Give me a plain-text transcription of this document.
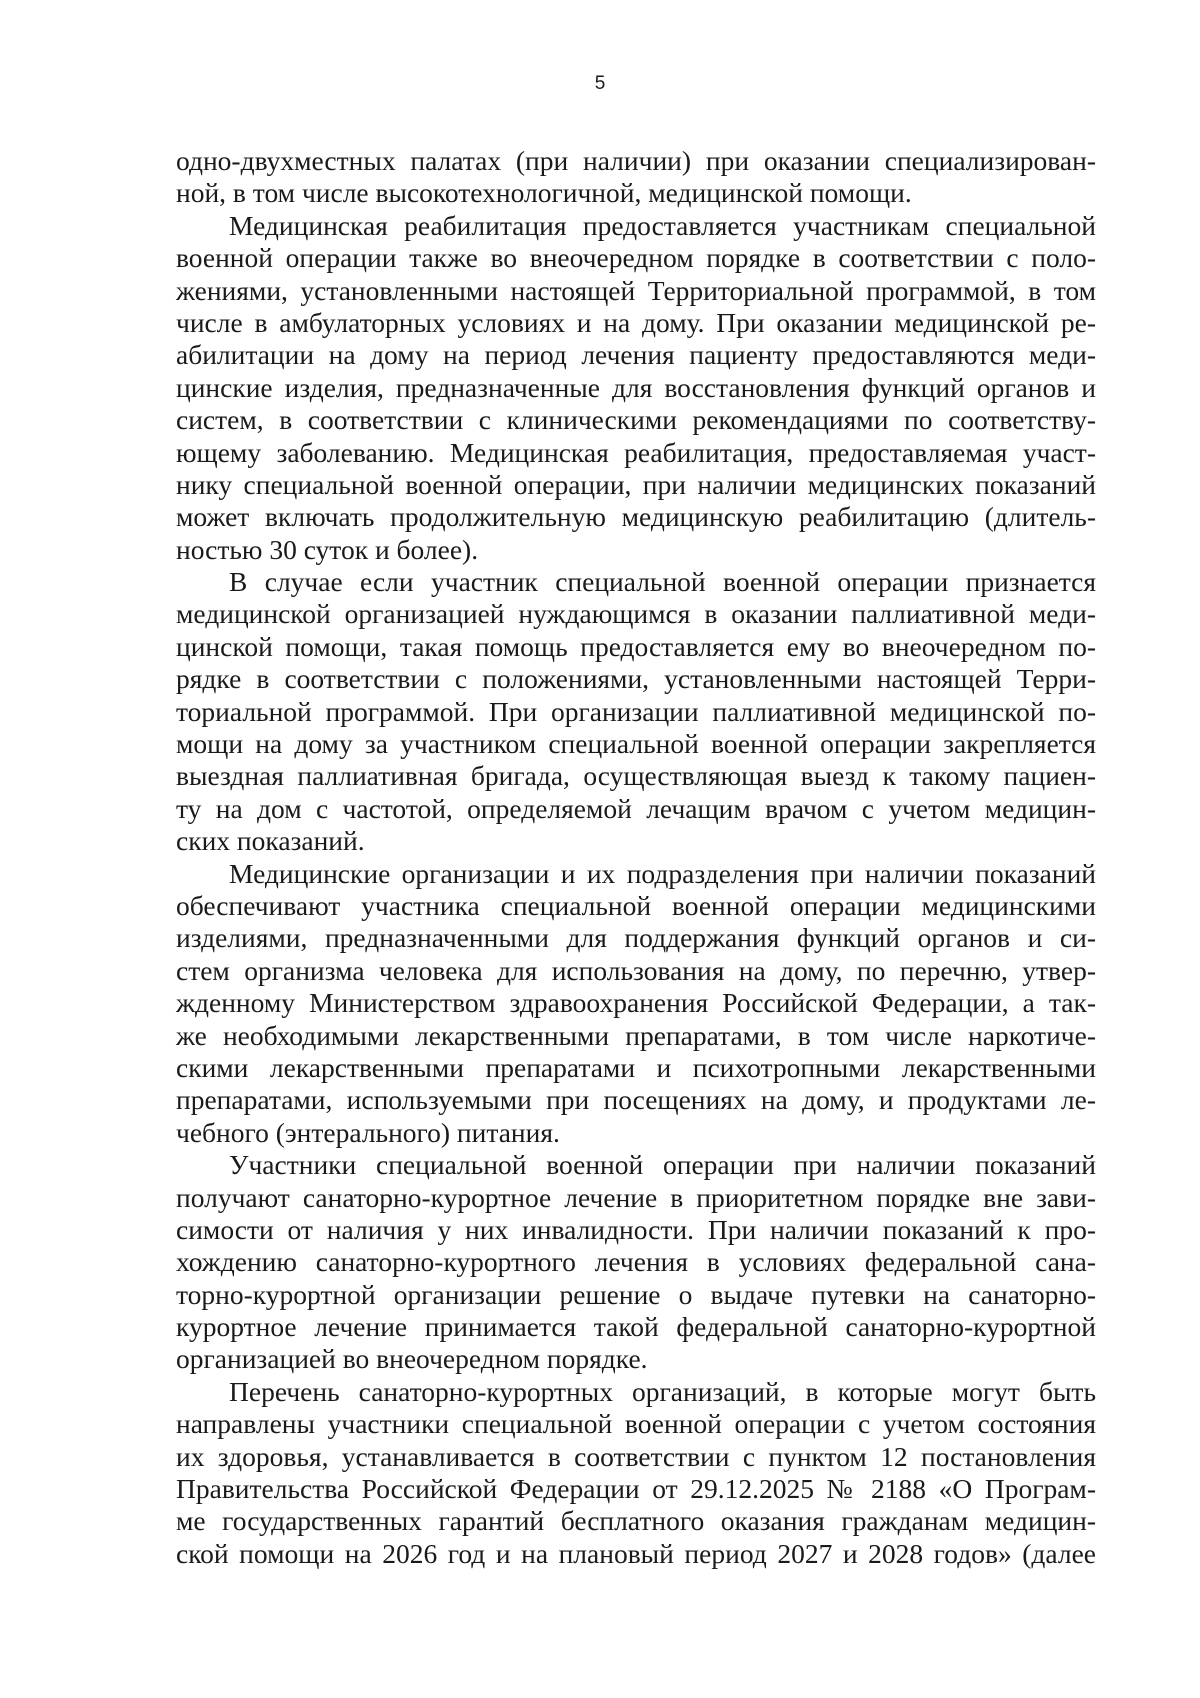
5
одно-двухместных палатах (при наличии) при оказании специализирован-
ной, в том числе высокотехнологичной, медицинской помощи.
Медицинская реабилитация предоставляется участникам специальной
военной операции также во внеочередном порядке в соответствии с поло-
жениями, установленными настоящей Территориальной программой, в том
числе в амбулаторных условиях и на дому. При оказании медицинской ре-
абилитации на дому на период лечения пациенту предоставляются меди-
цинские изделия, предназначенные для восстановления функций органов и
систем, в соответствии с клиническими рекомендациями по соответству-
ющему заболеванию. Медицинская реабилитация, предоставляемая участ-
нику специальной военной операции, при наличии медицинских показаний
может включать продолжительную медицинскую реабилитацию (длитель-
ностью 30 суток и более).
В случае если участник специальной военной операции признается
медицинской организацией нуждающимся в оказании паллиативной меди-
цинской помощи, такая помощь предоставляется ему во внеочередном по-
рядке в соответствии с положениями, установленными настоящей Терри-
ториальной программой. При организации паллиативной медицинской по-
мощи на дому за участником специальной военной операции закрепляется
выездная паллиативная бригада, осуществляющая выезд к такому пациен-
ту на дом с частотой, определяемой лечащим врачом с учетом медицин-
ских показаний.
Медицинские организации и их подразделения при наличии показаний
обеспечивают участника специальной военной операции медицинскими
изделиями, предназначенными для поддержания функций органов и си-
стем организма человека для использования на дому, по перечню, утвер-
жденному Министерством здравоохранения Российской Федерации, а так-
же необходимыми лекарственными препаратами, в том числе наркотиче-
скими лекарственными препаратами и психотропными лекарственными
препаратами, используемыми при посещениях на дому, и продуктами ле-
чебного (энтерального) питания.
Участники специальной военной операции при наличии показаний
получают санаторно-курортное лечение в приоритетном порядке вне зави-
симости от наличия у них инвалидности. При наличии показаний к про-
хождению санаторно-курортного лечения в условиях федеральной сана-
торно-курортной организации решение о выдаче путевки на санаторно-
курортное лечение принимается такой федеральной санаторно-курортной
организацией во внеочередном порядке.
Перечень санаторно-курортных организаций, в которые могут быть
направлены участники специальной военной операции с учетом состояния
их здоровья, устанавливается в соответствии с пунктом 12 постановления
Правительства Российской Федерации от 29.12.2025 № 2188 «О Програм-
ме государственных гарантий бесплатного оказания гражданам медицин-
ской помощи на 2026 год и на плановый период 2027 и 2028 годов» (далее
